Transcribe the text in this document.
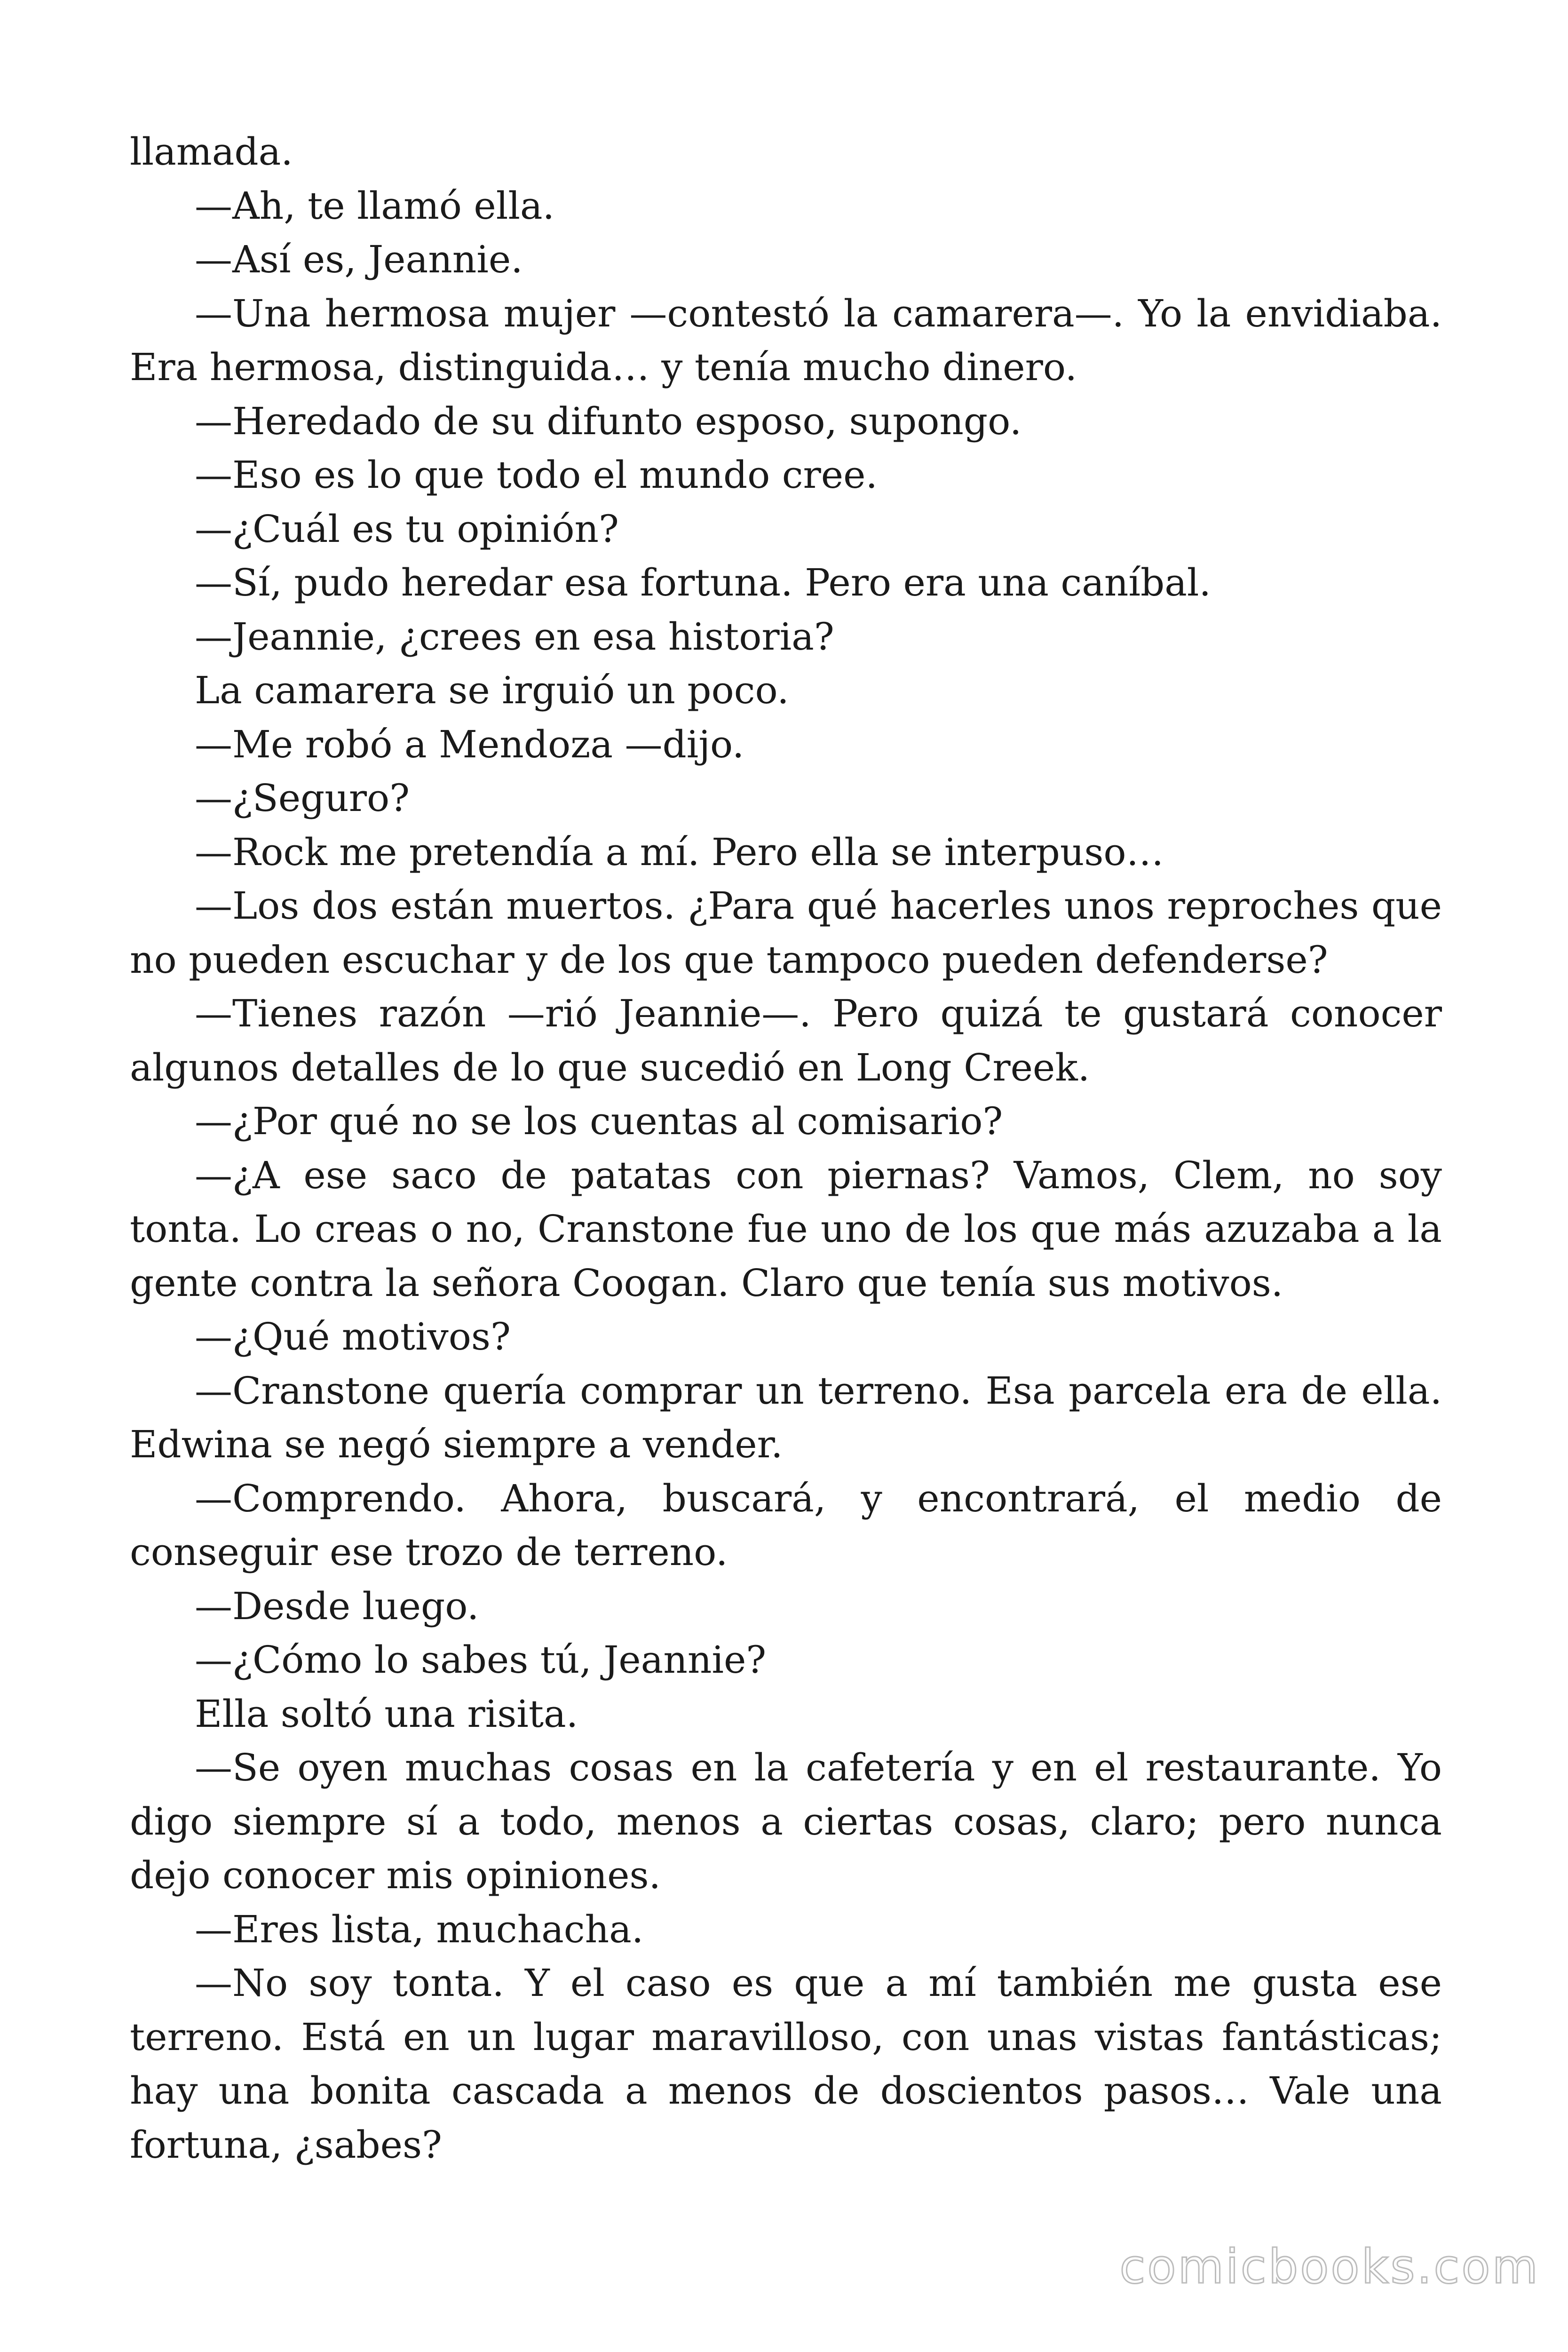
llamada.

—Ah, te llamó ella.

—Así es, Jeannie.

—Una hermosa mujer —contestó la camarera—. Yo la envidiaba. Era hermosa, distinguida… y tenía mucho dinero.

—Heredado de su difunto esposo, supongo.

—Eso es lo que todo el mundo cree.

—¿Cuál es tu opinión?

—Sí, pudo heredar esa fortuna. Pero era una caníbal.

—Jeannie, ¿crees en esa historia?

La camarera se irguió un poco.

—Me robó a Mendoza —dijo.

—¿Seguro?

—Rock me pretendía a mí. Pero ella se interpuso…

—Los dos están muertos. ¿Para qué hacerles unos reproches que no pueden escuchar y de los que tampoco pueden defenderse?

—Tienes razón —rió Jeannie—. Pero quizá te gustará conocer algunos detalles de lo que sucedió en Long Creek.

—¿Por qué no se los cuentas al comisario?

—¿A ese saco de patatas con piernas? Vamos, Clem, no soy tonta. Lo creas o no, Cranstone fue uno de los que más azuzaba a la gente contra la señora Coogan. Claro que tenía sus motivos.

—¿Qué motivos?

—Cranstone quería comprar un terreno. Esa parcela era de ella. Edwina se negó siempre a vender.

—Comprendo. Ahora, buscará, y encontrará, el medio de conseguir ese trozo de terreno.

—Desde luego.

—¿Cómo lo sabes tú, Jeannie?

Ella soltó una risita.

—Se oyen muchas cosas en la cafetería y en el restaurante. Yo digo siempre sí a todo, menos a ciertas cosas, claro; pero nunca dejo conocer mis opiniones.

—Eres lista, muchacha.

—No soy tonta. Y el caso es que a mí también me gusta ese terreno. Está en un lugar maravilloso, con unas vistas fantásticas; hay una bonita cascada a menos de doscientos pasos… Vale una fortuna, ¿sabes?

comicbooks.com
